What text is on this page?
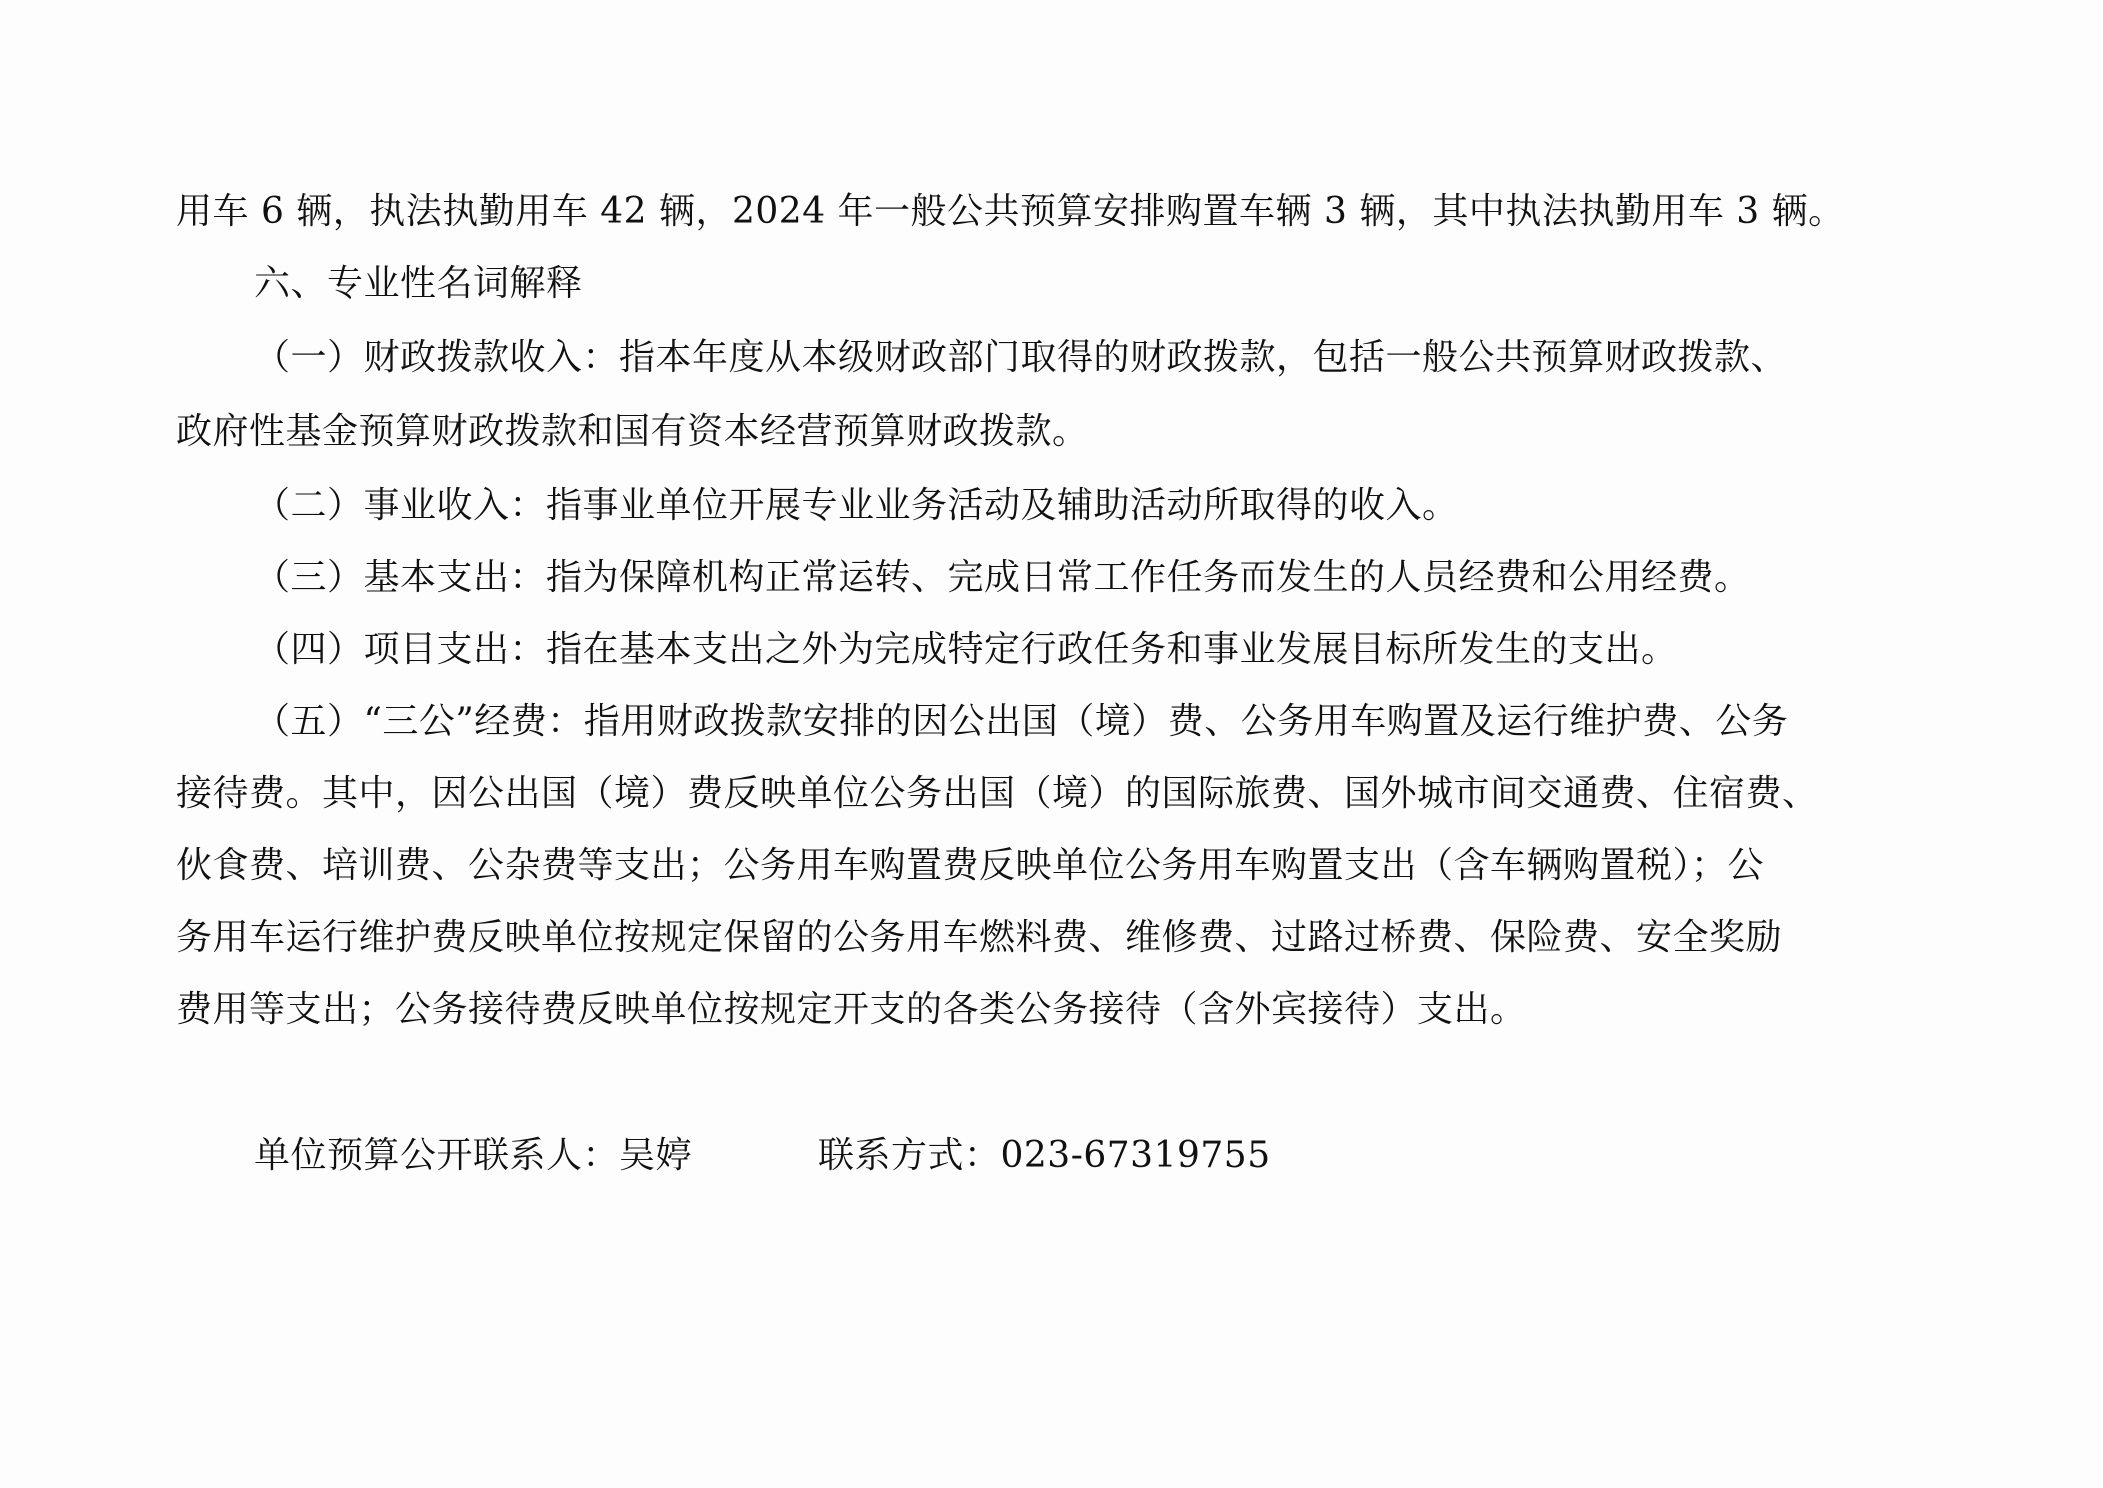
用车 6 辆，执法执勤用车 42 辆，2024 年一般公共预算安排购置车辆 3 辆，其中执法执勤用车 3 辆。
六、专业性名词解释
（一）财政拨款收入：指本年度从本级财政部门取得的财政拨款，包括一般公共预算财政拨款、
政府性基金预算财政拨款和国有资本经营预算财政拨款。
（二）事业收入：指事业单位开展专业业务活动及辅助活动所取得的收入。
（三）基本支出：指为保障机构正常运转、完成日常工作任务而发生的人员经费和公用经费。
（四）项目支出：指在基本支出之外为完成特定行政任务和事业发展目标所发生的支出。
（五）“三公”经费：指用财政拨款安排的因公出国（境）费、公务用车购置及运行维护费、公务
接待费。其中，因公出国（境）费反映单位公务出国（境）的国际旅费、国外城市间交通费、住宿费、
伙食费、培训费、公杂费等支出；公务用车购置费反映单位公务用车购置支出（含车辆购置税）；公
务用车运行维护费反映单位按规定保留的公务用车燃料费、维修费、过路过桥费、保险费、安全奖励
费用等支出；公务接待费反映单位按规定开支的各类公务接待（含外宾接待）支出。
单位预算公开联系人：吴婷	联系方式：023-67319755
